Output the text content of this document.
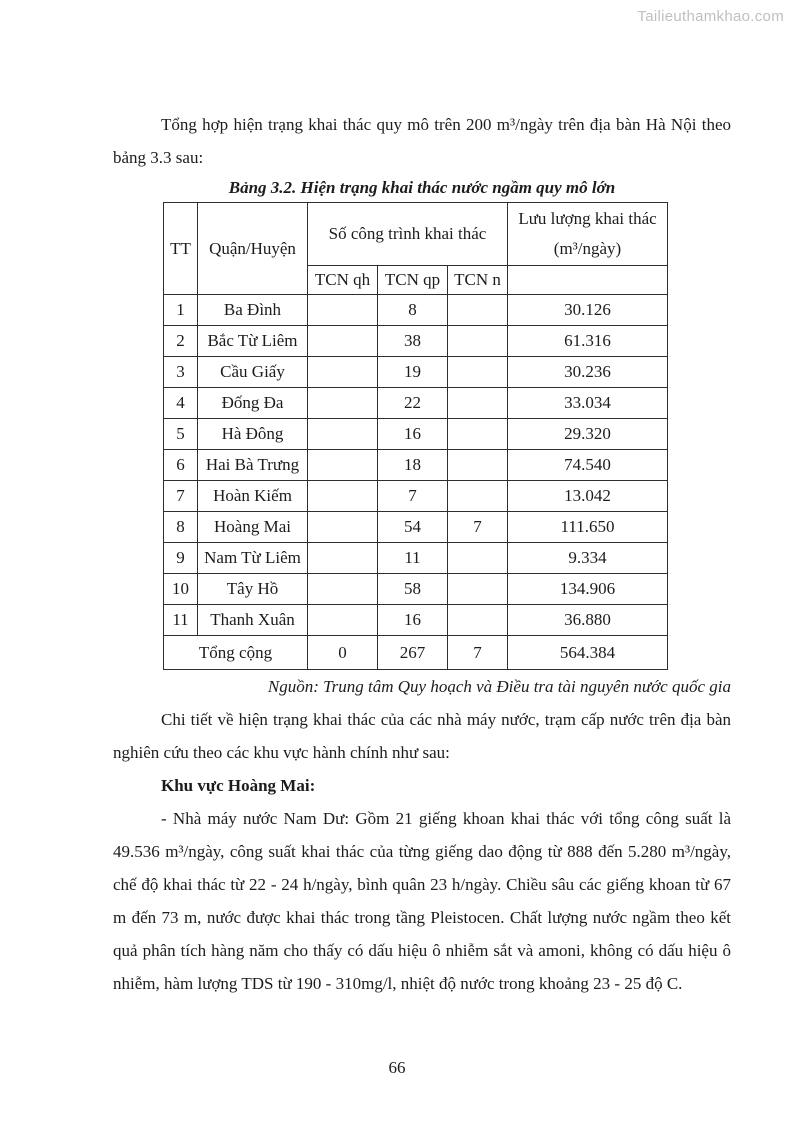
Tailieuthamkhao.com

Tổng hợp hiện trạng khai thác quy mô trên 200 m³/ngày trên địa bàn Hà Nội theo bảng 3.3 sau:

Bảng 3.2. Hiện trạng khai thác nước ngầm quy mô lớn

TT	Quận/Huyện	Số công trình khai thác			Lưu lượng khai thác (m³/ngày)
		TCN qh	TCN qp	TCN n	
1	Ba Đình		8		30.126
2	Bắc Từ Liêm		38		61.316
3	Cầu Giấy		19		30.236
4	Đống Đa		22		33.034
5	Hà Đông		16		29.320
6	Hai Bà Trưng		18		74.540
7	Hoàn Kiếm		7		13.042
8	Hoàng Mai		54	7	111.650
9	Nam Từ Liêm		11		9.334
10	Tây Hồ		58		134.906
11	Thanh Xuân		16		36.880
Tổng cộng		0	267	7	564.384

Nguồn: Trung tâm Quy hoạch và Điều tra tài nguyên nước quốc gia

Chi tiết về hiện trạng khai thác của các nhà máy nước, trạm cấp nước trên địa bàn nghiên cứu theo các khu vực hành chính như sau:

Khu vực Hoàng Mai:

- Nhà máy nước Nam Dư: Gồm 21 giếng khoan khai thác với tổng công suất là 49.536 m³/ngày, công suất khai thác của từng giếng dao động từ 888 đến 5.280 m³/ngày, chế độ khai thác từ 22 - 24 h/ngày, bình quân 23 h/ngày. Chiều sâu các giếng khoan từ 67 m đến 73 m, nước được khai thác trong tầng Pleistocen. Chất lượng nước ngầm theo kết quả phân tích hàng năm cho thấy có dấu hiệu ô nhiễm sắt và amoni, không có dấu hiệu ô nhiễm, hàm lượng TDS từ 190 - 310mg/l, nhiệt độ nước trong khoảng 23 - 25 độ C.

66
